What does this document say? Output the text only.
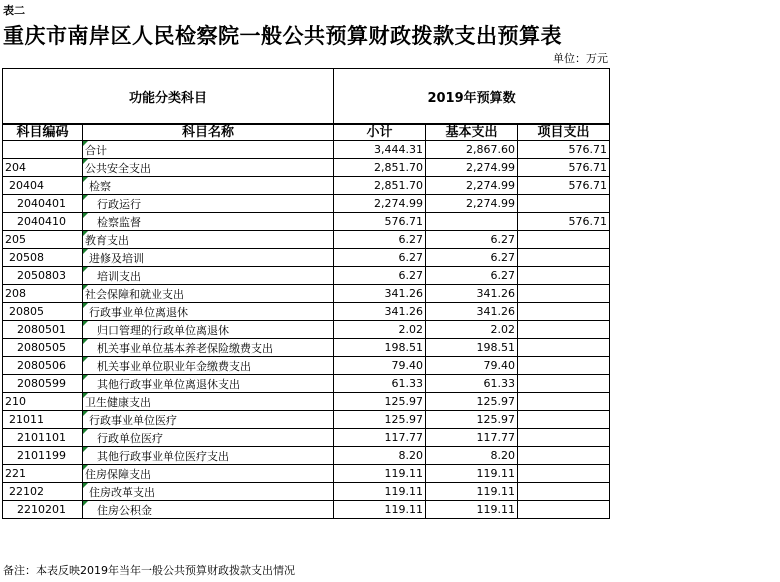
表二
重庆市南岸区人民检察院一般公共预算财政拨款支出预算表
单位：万元
功能分类科目		2019年预算数		
科目编码	科目名称	小计	基本支出	项目支出
	合计	3,444.31	2,867.60	576.71
204	公共安全支出	2,851.70	2,274.99	576.71
20404	检察	2,851.70	2,274.99	576.71
2040401	行政运行	2,274.99	2,274.99	
2040410	检察监督	576.71		576.71
205	教育支出	6.27	6.27	
20508	进修及培训	6.27	6.27	
2050803	培训支出	6.27	6.27	
208	社会保障和就业支出	341.26	341.26	
20805	行政事业单位离退休	341.26	341.26	
2080501	归口管理的行政单位离退休	2.02	2.02	
2080505	机关事业单位基本养老保险缴费支出	198.51	198.51	
2080506	机关事业单位职业年金缴费支出	79.40	79.40	
2080599	其他行政事业单位离退休支出	61.33	61.33	
210	卫生健康支出	125.97	125.97	
21011	行政事业单位医疗	125.97	125.97	
2101101	行政单位医疗	117.77	117.77	
2101199	其他行政事业单位医疗支出	8.20	8.20	
221	住房保障支出	119.11	119.11	
22102	住房改革支出	119.11	119.11	
2210201	住房公积金	119.11	119.11	
备注：本表反映2019年当年一般公共预算财政拨款支出情况
